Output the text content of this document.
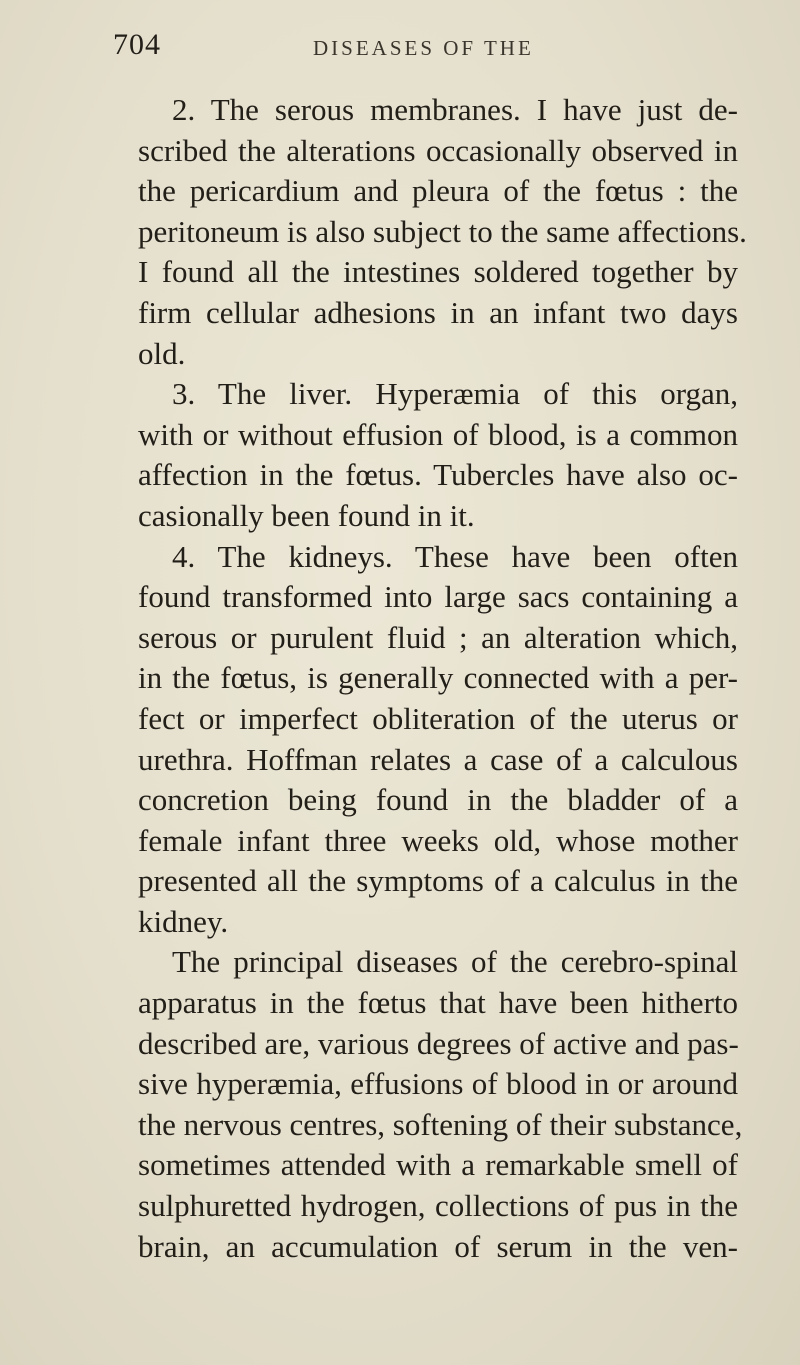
704	DISEASES OF THE
2. The serous membranes. I have just de-
scribed the alterations occasionally observed in
the pericardium and pleura of the fœtus : the
peritoneum is also subject to the same affections.
I found all the intestines soldered together by
firm cellular adhesions in an infant two days
old.
3. The liver. Hyperæmia of this organ,
with or without effusion of blood, is a common
affection in the fœtus. Tubercles have also oc-
casionally been found in it.
4. The kidneys. These have been often
found transformed into large sacs containing a
serous or purulent fluid ; an alteration which,
in the fœtus, is generally connected with a per-
fect or imperfect obliteration of the uterus or
urethra. Hoffman relates a case of a calculous
concretion being found in the bladder of a
female infant three weeks old, whose mother
presented all the symptoms of a calculus in the
kidney.
The principal diseases of the cerebro-spinal
apparatus in the fœtus that have been hitherto
described are, various degrees of active and pas-
sive hyperæmia, effusions of blood in or around
the nervous centres, softening of their substance,
sometimes attended with a remarkable smell of
sulphuretted hydrogen, collections of pus in the
brain, an accumulation of serum in the ven-
